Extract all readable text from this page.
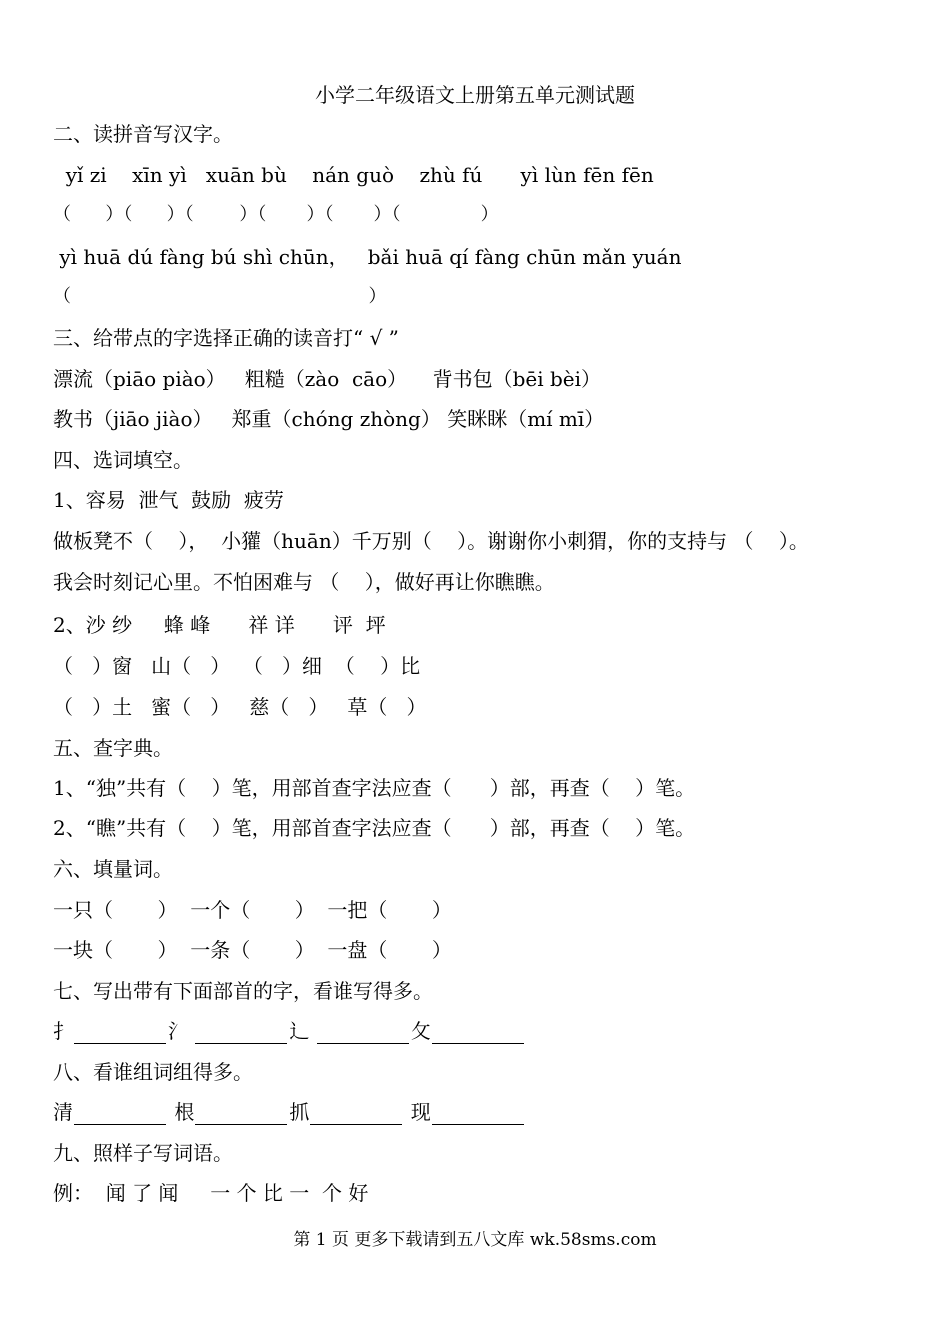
小学二年级语文上册第五单元测试题
二、读拼音写汉字。
yǐ zi    xīn yì   xuān bù    nán guò    zhù fú      yì lùn fēn fēn
（      ）（      ）（        ）（       ）（       ）（              ）
yì huā dú fàng bú shì chūn，   bǎi huā qí fàng chūn mǎn yuán
（                                                    ）
三、给带点的字选择正确的读音打“ √ ”
漂流（piāo piào）   粗糙（zào  cāo）    背书包（bēi bèi）
教书（jiāo jiào）   郑重（chóng zhòng） 笑眯眯（mí mī）
四、选词填空。
1、容易  泄气  鼓励  疲劳
做板凳不（    ），  小獾（huān）千万别（    ）。谢谢你小刺猬，你的支持与 （    ）。
我会时刻记心里。不怕困难与 （    ），做好再让你瞧瞧。
2、沙 纱     蜂 峰      祥 详      评  坪
（   ）窗   山（   ）  （   ）细  （    ）比
（   ）土   蜜（   ）   慈（   ）   草（   ）
五、查字典。
1、“独”共有（    ）笔，用部首查字法应查（      ）部，再查（    ）笔。
2、“瞧”共有（    ）笔，用部首查字法应查（      ）部，再查（    ）笔。
六、填量词。
一只（       ）  一个（       ）  一把（       ）
一块（       ）  一条（       ）  一盘（       ）
七、写出带有下面部首的字，看谁写得多。
扌	氵	辶	攵
八、看谁组词组得多。
清	根	抓	现
九、照样子写词语。
例：  闻 了 闻     一 个 比 一  个 好
第 1 页 更多下载请到五八文库 wk.58sms.com
